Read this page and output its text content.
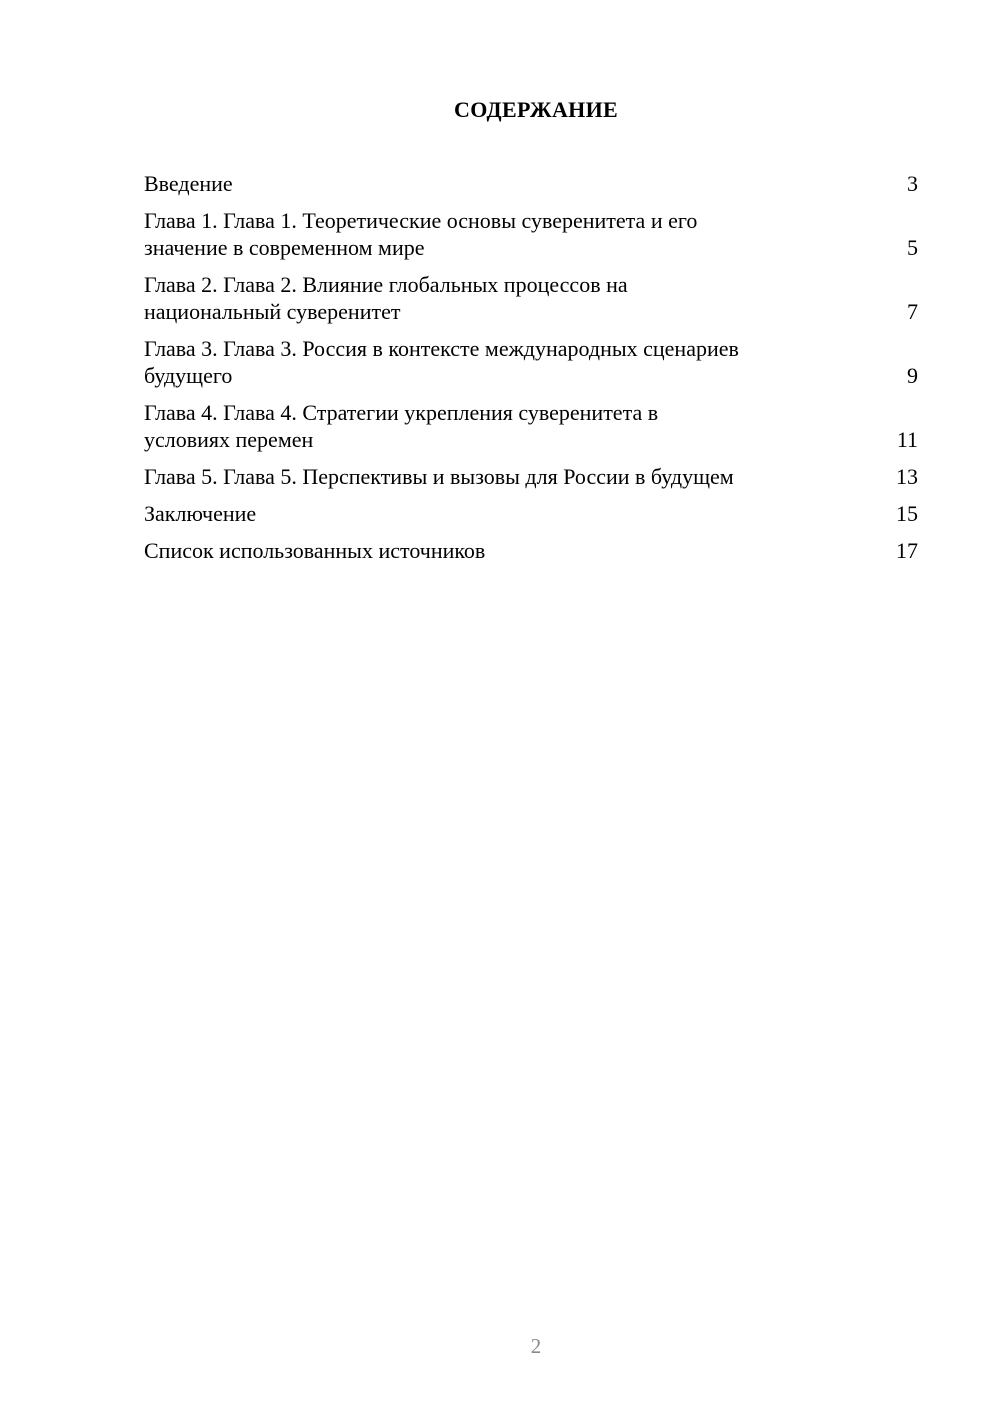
СОДЕРЖАНИЕ
Введение	3
Глава 1. Глава 1. Теоретические основы суверенитета и его
значение в современном мире	5
Глава 2. Глава 2. Влияние глобальных процессов на
национальный суверенитет	7
Глава 3. Глава 3. Россия в контексте международных сценариев
будущего	9
Глава 4. Глава 4. Стратегии укрепления суверенитета в
условиях перемен	11
Глава 5. Глава 5. Перспективы и вызовы для России в будущем	13
Заключение	15
Список использованных источников	17
2
